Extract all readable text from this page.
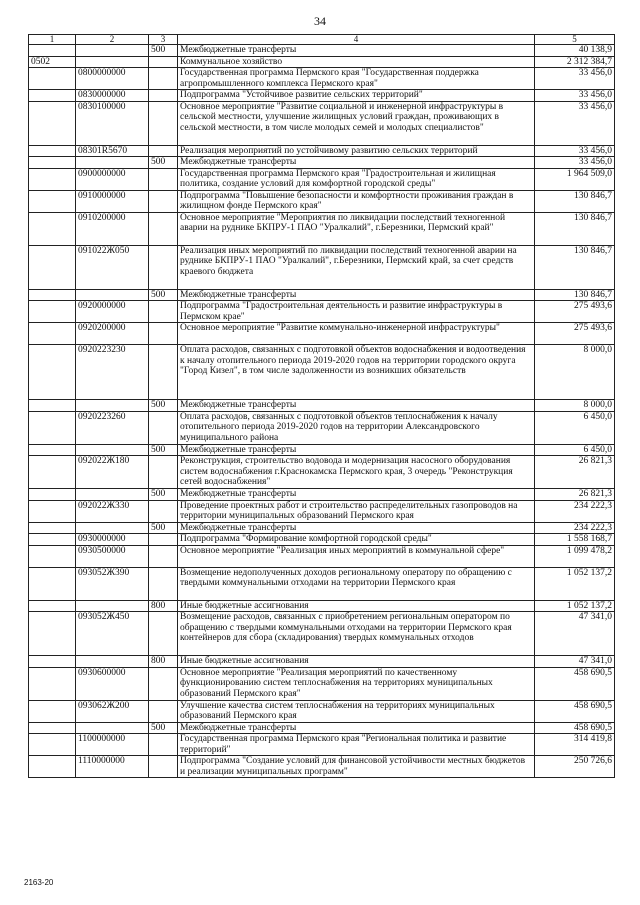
34
1	2	3	4	5
		500	Межбюджетные трансферты	40 138,9
0502			Коммунальное хозяйство	2 312 384,7
	0800000000		Государственная программа Пермского края "Государственная поддержка агропромышленного комплекса Пермского края"	33 456,0
	0830000000		Подпрограмма "Устойчивое развитие сельских территорий"	33 456,0
	0830100000		Основное мероприятие "Развитие социальной и инженерной инфраструктуры в сельской местности, улучшение жилищных условий граждан, проживающих в сельской местности, в том числе молодых семей и молодых специалистов"	33 456,0
	08301R5670		Реализация мероприятий по устойчивому развитию сельских территорий	33 456,0
		500	Межбюджетные трансферты	33 456,0
	0900000000		Государственная программа Пермского края "Градостроительная и жилищная политика, создание условий для комфортной городской среды"	1 964 509,0
	0910000000		Подпрограмма "Повышение безопасности и комфортности проживания граждан в жилищном фонде Пермского края"	130 846,7
	0910200000		Основное мероприятие "Мероприятия по ликвидации последствий техногенной аварии на руднике БКПРУ-1 ПАО "Уралкалий", г.Березники, Пермский край"	130 846,7
	091022Ж050		Реализация иных мероприятий по ликвидации последствий техногенной аварии на руднике БКПРУ-1 ПАО "Уралкалий", г.Березники, Пермский край, за счет средств краевого бюджета	130 846,7
		500	Межбюджетные трансферты	130 846,7
	0920000000		Подпрограмма "Градостроительная деятельность и развитие инфраструктуры в Пермском крае"	275 493,6
	0920200000		Основное мероприятие "Развитие коммунально-инженерной инфраструктуры"	275 493,6
	0920223230		Оплата расходов, связанных с подготовкой объектов водоснабжения и водоотведения к началу отопительного периода 2019-2020 годов на территории городского округа "Город Кизел", в том числе задолженности из возникших обязательств	8 000,0
		500	Межбюджетные трансферты	8 000,0
	0920223260		Оплата расходов, связанных с подготовкой объектов теплоснабжения к началу отопительного периода 2019-2020 годов на территории Александровского муниципального района	6 450,0
		500	Межбюджетные трансферты	6 450,0
	092022Ж180		Реконструкция, строительство водовода и модернизация насосного оборудования систем водоснабжения г.Краснокамска Пермского края, 3 очередь "Реконструкция сетей водоснабжения"	26 821,3
		500	Межбюджетные трансферты	26 821,3
	092022Ж330		Проведение проектных работ и строительство распределительных газопроводов на территории муниципальных образований Пермского края	234 222,3
		500	Межбюджетные трансферты	234 222,3
	0930000000		Подпрограмма "Формирование комфортной городской среды"	1 558 168,7
	0930500000		Основное мероприятие "Реализация иных мероприятий в коммунальной сфере"	1 099 478,2
	093052Ж390		Возмещение недополученных доходов региональному оператору по обращению с твердыми коммунальными отходами на территории Пермского края	1 052 137,2
		800	Иные бюджетные ассигнования	1 052 137,2
	093052Ж450		Возмещение расходов, связанных с приобретением региональным оператором по обращению с твердыми коммунальными отходами на территории Пермского края контейнеров для сбора (складирования) твердых коммунальных отходов	47 341,0
		800	Иные бюджетные ассигнования	47 341,0
	0930600000		Основное мероприятие "Реализация мероприятий по качественному функционированию систем теплоснабжения на территориях муниципальных образований Пермского края"	458 690,5
	093062Ж200		Улучшение качества систем теплоснабжения на территориях муниципальных образований Пермского края	458 690,5
		500	Межбюджетные трансферты	458 690,5
	1100000000		Государственная программа Пермского края "Региональная политика и развитие территорий"	314 419,8
	1110000000		Подпрограмма "Создание условий для финансовой устойчивости местных бюджетов и реализации муниципальных программ"	250 726,6
2163-20
